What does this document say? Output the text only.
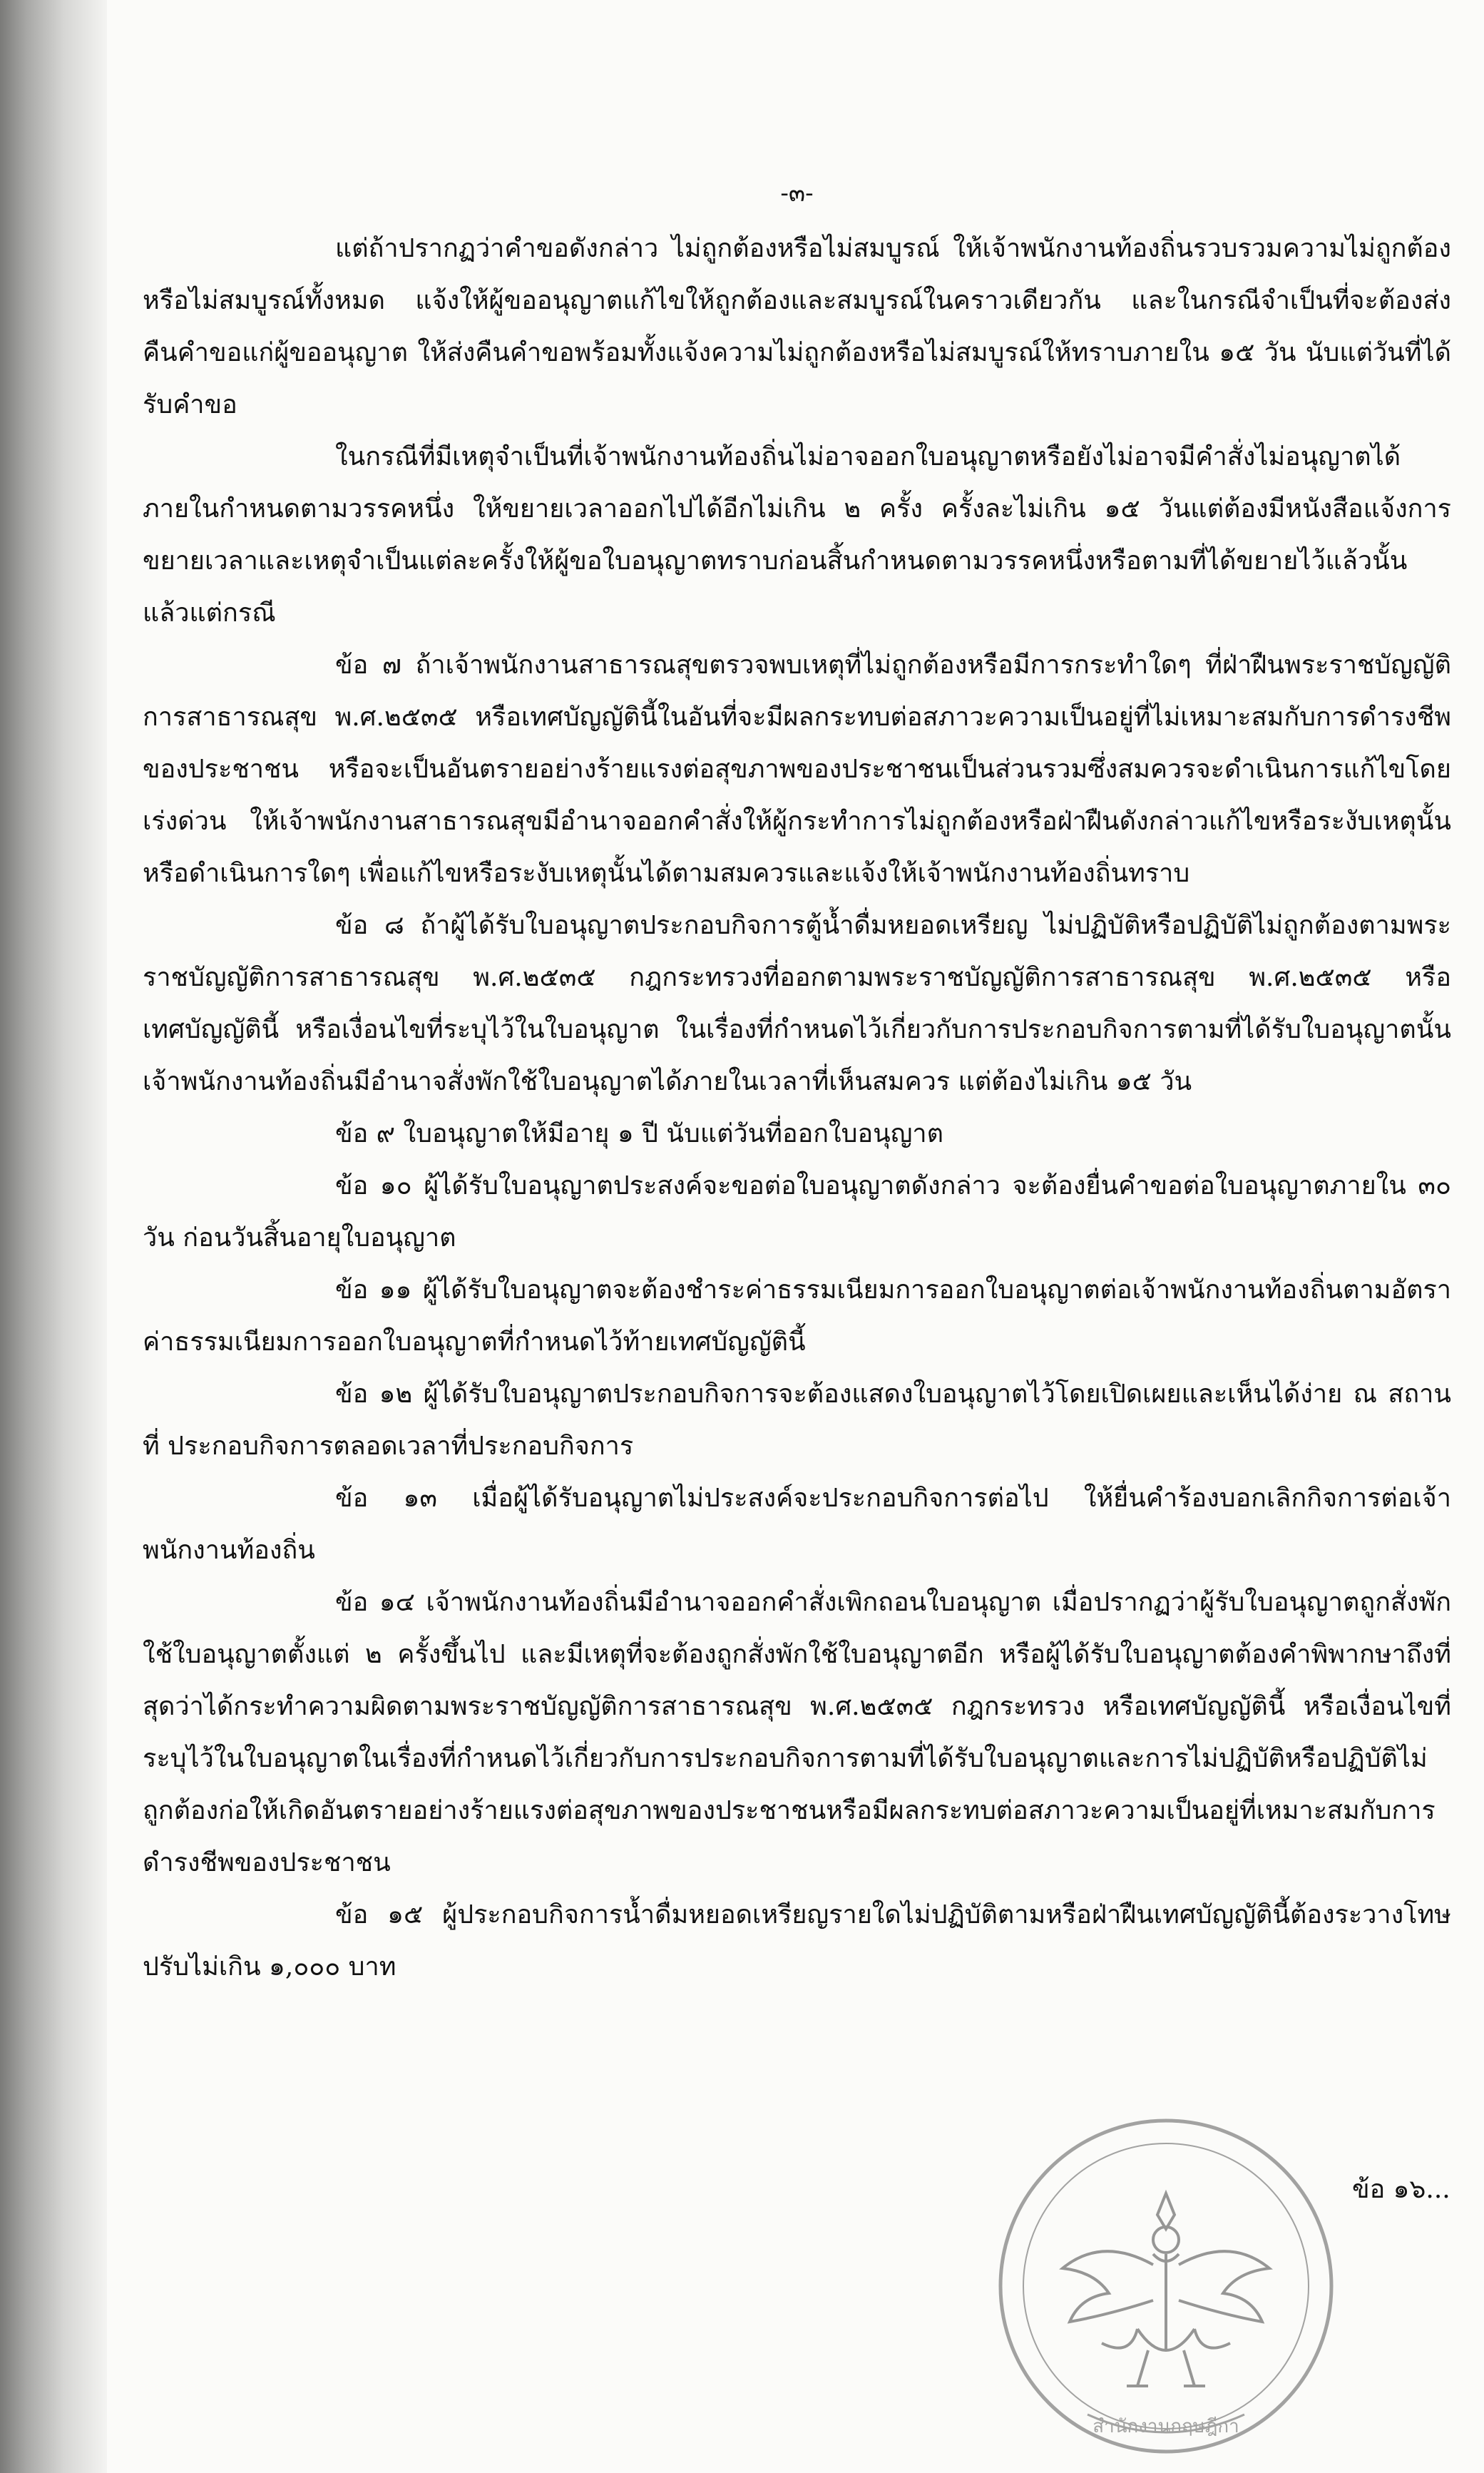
-๓-

แต่ถ้าปรากฏว่าคำขอดังกล่าว ไม่ถูกต้องหรือไม่สมบูรณ์ ให้เจ้าพนักงานท้องถิ่นรวบรวมความไม่ถูกต้องหรือไม่สมบูรณ์ทั้งหมด แจ้งให้ผู้ขออนุญาตแก้ไขให้ถูกต้องและสมบูรณ์ในคราวเดียวกัน และในกรณีจำเป็นที่จะต้องส่งคืนคำขอแก่ผู้ขออนุญาต ให้ส่งคืนคำขอพร้อมทั้งแจ้งความไม่ถูกต้องหรือไม่สมบูรณ์ให้ทราบภายใน ๑๕ วัน นับแต่วันที่ได้รับคำขอ

ในกรณีที่มีเหตุจำเป็นที่เจ้าพนักงานท้องถิ่นไม่อาจออกใบอนุญาตหรือยังไม่อาจมีคำสั่งไม่อนุญาตได้ภายในกำหนดตามวรรคหนึ่ง ให้ขยายเวลาออกไปได้อีกไม่เกิน ๒ ครั้ง ครั้งละไม่เกิน ๑๕ วันแต่ต้องมีหนังสือแจ้งการขยายเวลาและเหตุจำเป็นแต่ละครั้งให้ผู้ขอใบอนุญาตทราบก่อนสิ้นกำหนดตามวรรคหนึ่งหรือตามที่ได้ขยายไว้แล้วนั้น แล้วแต่กรณี

ข้อ ๗ ถ้าเจ้าพนักงานสาธารณสุขตรวจพบเหตุที่ไม่ถูกต้องหรือมีการกระทำใดๆ ที่ฝ่าฝืนพระราชบัญญัติการสาธารณสุข พ.ศ.๒๕๓๕ หรือเทศบัญญัตินี้ในอันที่จะมีผลกระทบต่อสภาวะความเป็นอยู่ที่ไม่เหมาะสมกับการดำรงชีพของประชาชน หรือจะเป็นอันตรายอย่างร้ายแรงต่อสุขภาพของประชาชนเป็นส่วนรวมซึ่งสมควรจะดำเนินการแก้ไขโดยเร่งด่วน ให้เจ้าพนักงานสาธารณสุขมีอำนาจออกคำสั่งให้ผู้กระทำการไม่ถูกต้องหรือฝ่าฝืนดังกล่าวแก้ไขหรือระงับเหตุนั้น หรือดำเนินการใดๆ เพื่อแก้ไขหรือระงับเหตุนั้นได้ตามสมควรและแจ้งให้เจ้าพนักงานท้องถิ่นทราบ

ข้อ ๘ ถ้าผู้ได้รับใบอนุญาตประกอบกิจการตู้น้ำดื่มหยอดเหรียญ ไม่ปฏิบัติหรือปฏิบัติไม่ถูกต้องตามพระราชบัญญัติการสาธารณสุข พ.ศ.๒๕๓๕ กฎกระทรวงที่ออกตามพระราชบัญญัติการสาธารณสุข พ.ศ.๒๕๓๕ หรือเทศบัญญัตินี้ หรือเงื่อนไขที่ระบุไว้ในใบอนุญาต ในเรื่องที่กำหนดไว้เกี่ยวกับการประกอบกิจการตามที่ได้รับใบอนุญาตนั้น เจ้าพนักงานท้องถิ่นมีอำนาจสั่งพักใช้ใบอนุญาตได้ภายในเวลาที่เห็นสมควร แต่ต้องไม่เกิน ๑๕ วัน

ข้อ ๙ ใบอนุญาตให้มีอายุ ๑ ปี นับแต่วันที่ออกใบอนุญาต

ข้อ ๑๐ ผู้ได้รับใบอนุญาตประสงค์จะขอต่อใบอนุญาตดังกล่าว จะต้องยื่นคำขอต่อใบอนุญาตภายใน ๓๐ วัน ก่อนวันสิ้นอายุใบอนุญาต

ข้อ ๑๑ ผู้ได้รับใบอนุญาตจะต้องชำระค่าธรรมเนียมการออกใบอนุญาตต่อเจ้าพนักงานท้องถิ่นตามอัตราค่าธรรมเนียมการออกใบอนุญาตที่กำหนดไว้ท้ายเทศบัญญัตินี้

ข้อ ๑๒ ผู้ได้รับใบอนุญาตประกอบกิจการจะต้องแสดงใบอนุญาตไว้โดยเปิดเผยและเห็นได้ง่าย ณ สถานที่ ประกอบกิจการตลอดเวลาที่ประกอบกิจการ

ข้อ ๑๓ เมื่อผู้ได้รับอนุญาตไม่ประสงค์จะประกอบกิจการต่อไป ให้ยื่นคำร้องบอกเลิกกิจการต่อเจ้าพนักงานท้องถิ่น

ข้อ ๑๔ เจ้าพนักงานท้องถิ่นมีอำนาจออกคำสั่งเพิกถอนใบอนุญาต เมื่อปรากฏว่าผู้รับใบอนุญาตถูกสั่งพักใช้ใบอนุญาตตั้งแต่ ๒ ครั้งขึ้นไป และมีเหตุที่จะต้องถูกสั่งพักใช้ใบอนุญาตอีก หรือผู้ได้รับใบอนุญาตต้องคำพิพากษาถึงที่สุดว่าได้กระทำความผิดตามพระราชบัญญัติการสาธารณสุข พ.ศ.๒๕๓๕ กฎกระทรวง หรือเทศบัญญัตินี้ หรือเงื่อนไขที่ระบุไว้ในใบอนุญาตในเรื่องที่กำหนดไว้เกี่ยวกับการประกอบกิจการตามที่ได้รับใบอนุญาตและการไม่ปฏิบัติหรือปฏิบัติไม่ถูกต้องก่อให้เกิดอันตรายอย่างร้ายแรงต่อสุขภาพของประชาชนหรือมีผลกระทบต่อสภาวะความเป็นอยู่ที่เหมาะสมกับการดำรงชีพของประชาชน

ข้อ ๑๕ ผู้ประกอบกิจการน้ำดื่มหยอดเหรียญรายใดไม่ปฏิบัติตามหรือฝ่าฝืนเทศบัญญัตินี้ต้องระวางโทษปรับไม่เกิน ๑,๐๐๐ บาท

ข้อ ๑๖...
สำนักงานกฤษฎีกา
